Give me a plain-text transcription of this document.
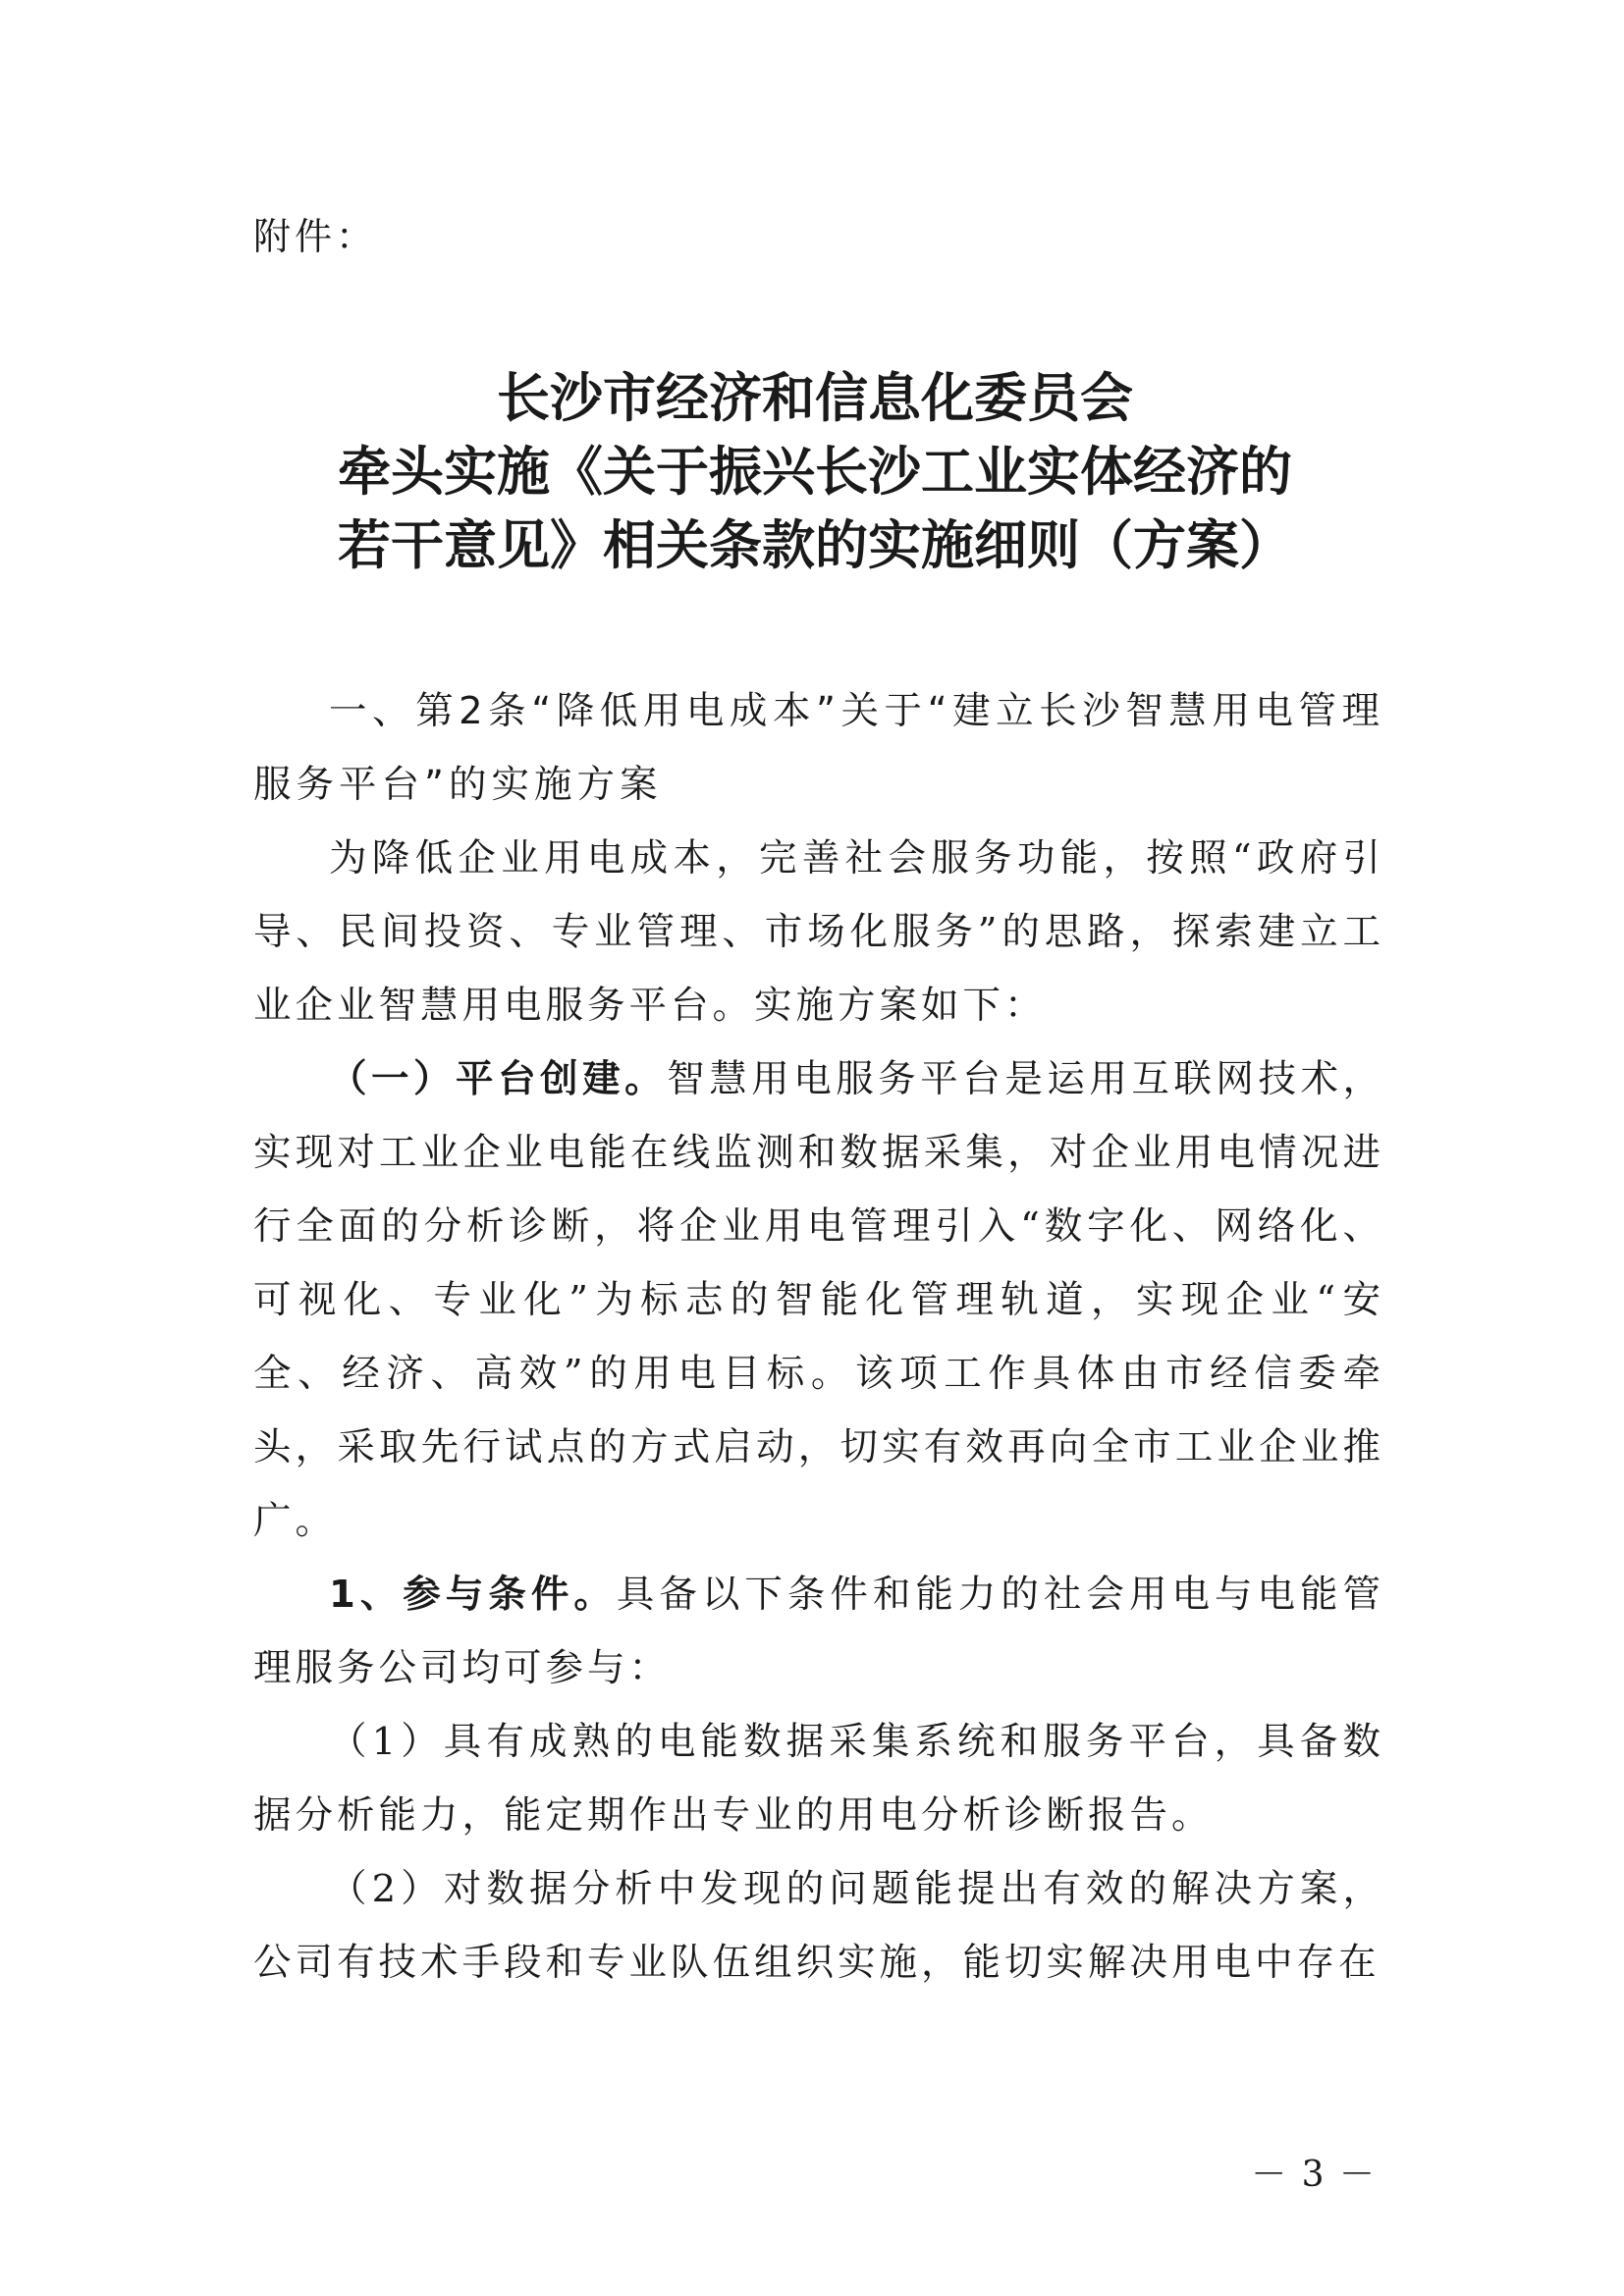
附件：
长沙市经济和信息化委员会
牵头实施《关于振兴长沙工业实体经济的
若干意见》相关条款的实施细则（方案）

一、第2条“降低用电成本”关于“建立长沙智慧用电管理服务平台”的实施方案

为降低企业用电成本，完善社会服务功能，按照“政府引导、民间投资、专业管理、市场化服务”的思路，探索建立工业企业智慧用电服务平台。实施方案如下：

（一）平台创建。智慧用电服务平台是运用互联网技术，实现对工业企业电能在线监测和数据采集，对企业用电情况进行全面的分析诊断，将企业用电管理引入“数字化、网络化、可视化、专业化”为标志的智能化管理轨道，实现企业“安全、经济、高效”的用电目标。该项工作具体由市经信委牵头，采取先行试点的方式启动，切实有效再向全市工业企业推广。

1、参与条件。具备以下条件和能力的社会用电与电能管理服务公司均可参与：

（1）具有成熟的电能数据采集系统和服务平台，具备数据分析能力，能定期作出专业的用电分析诊断报告。

（2）对数据分析中发现的问题能提出有效的解决方案，公司有技术手段和专业队伍组织实施，能切实解决用电中存在

－ 3 －
